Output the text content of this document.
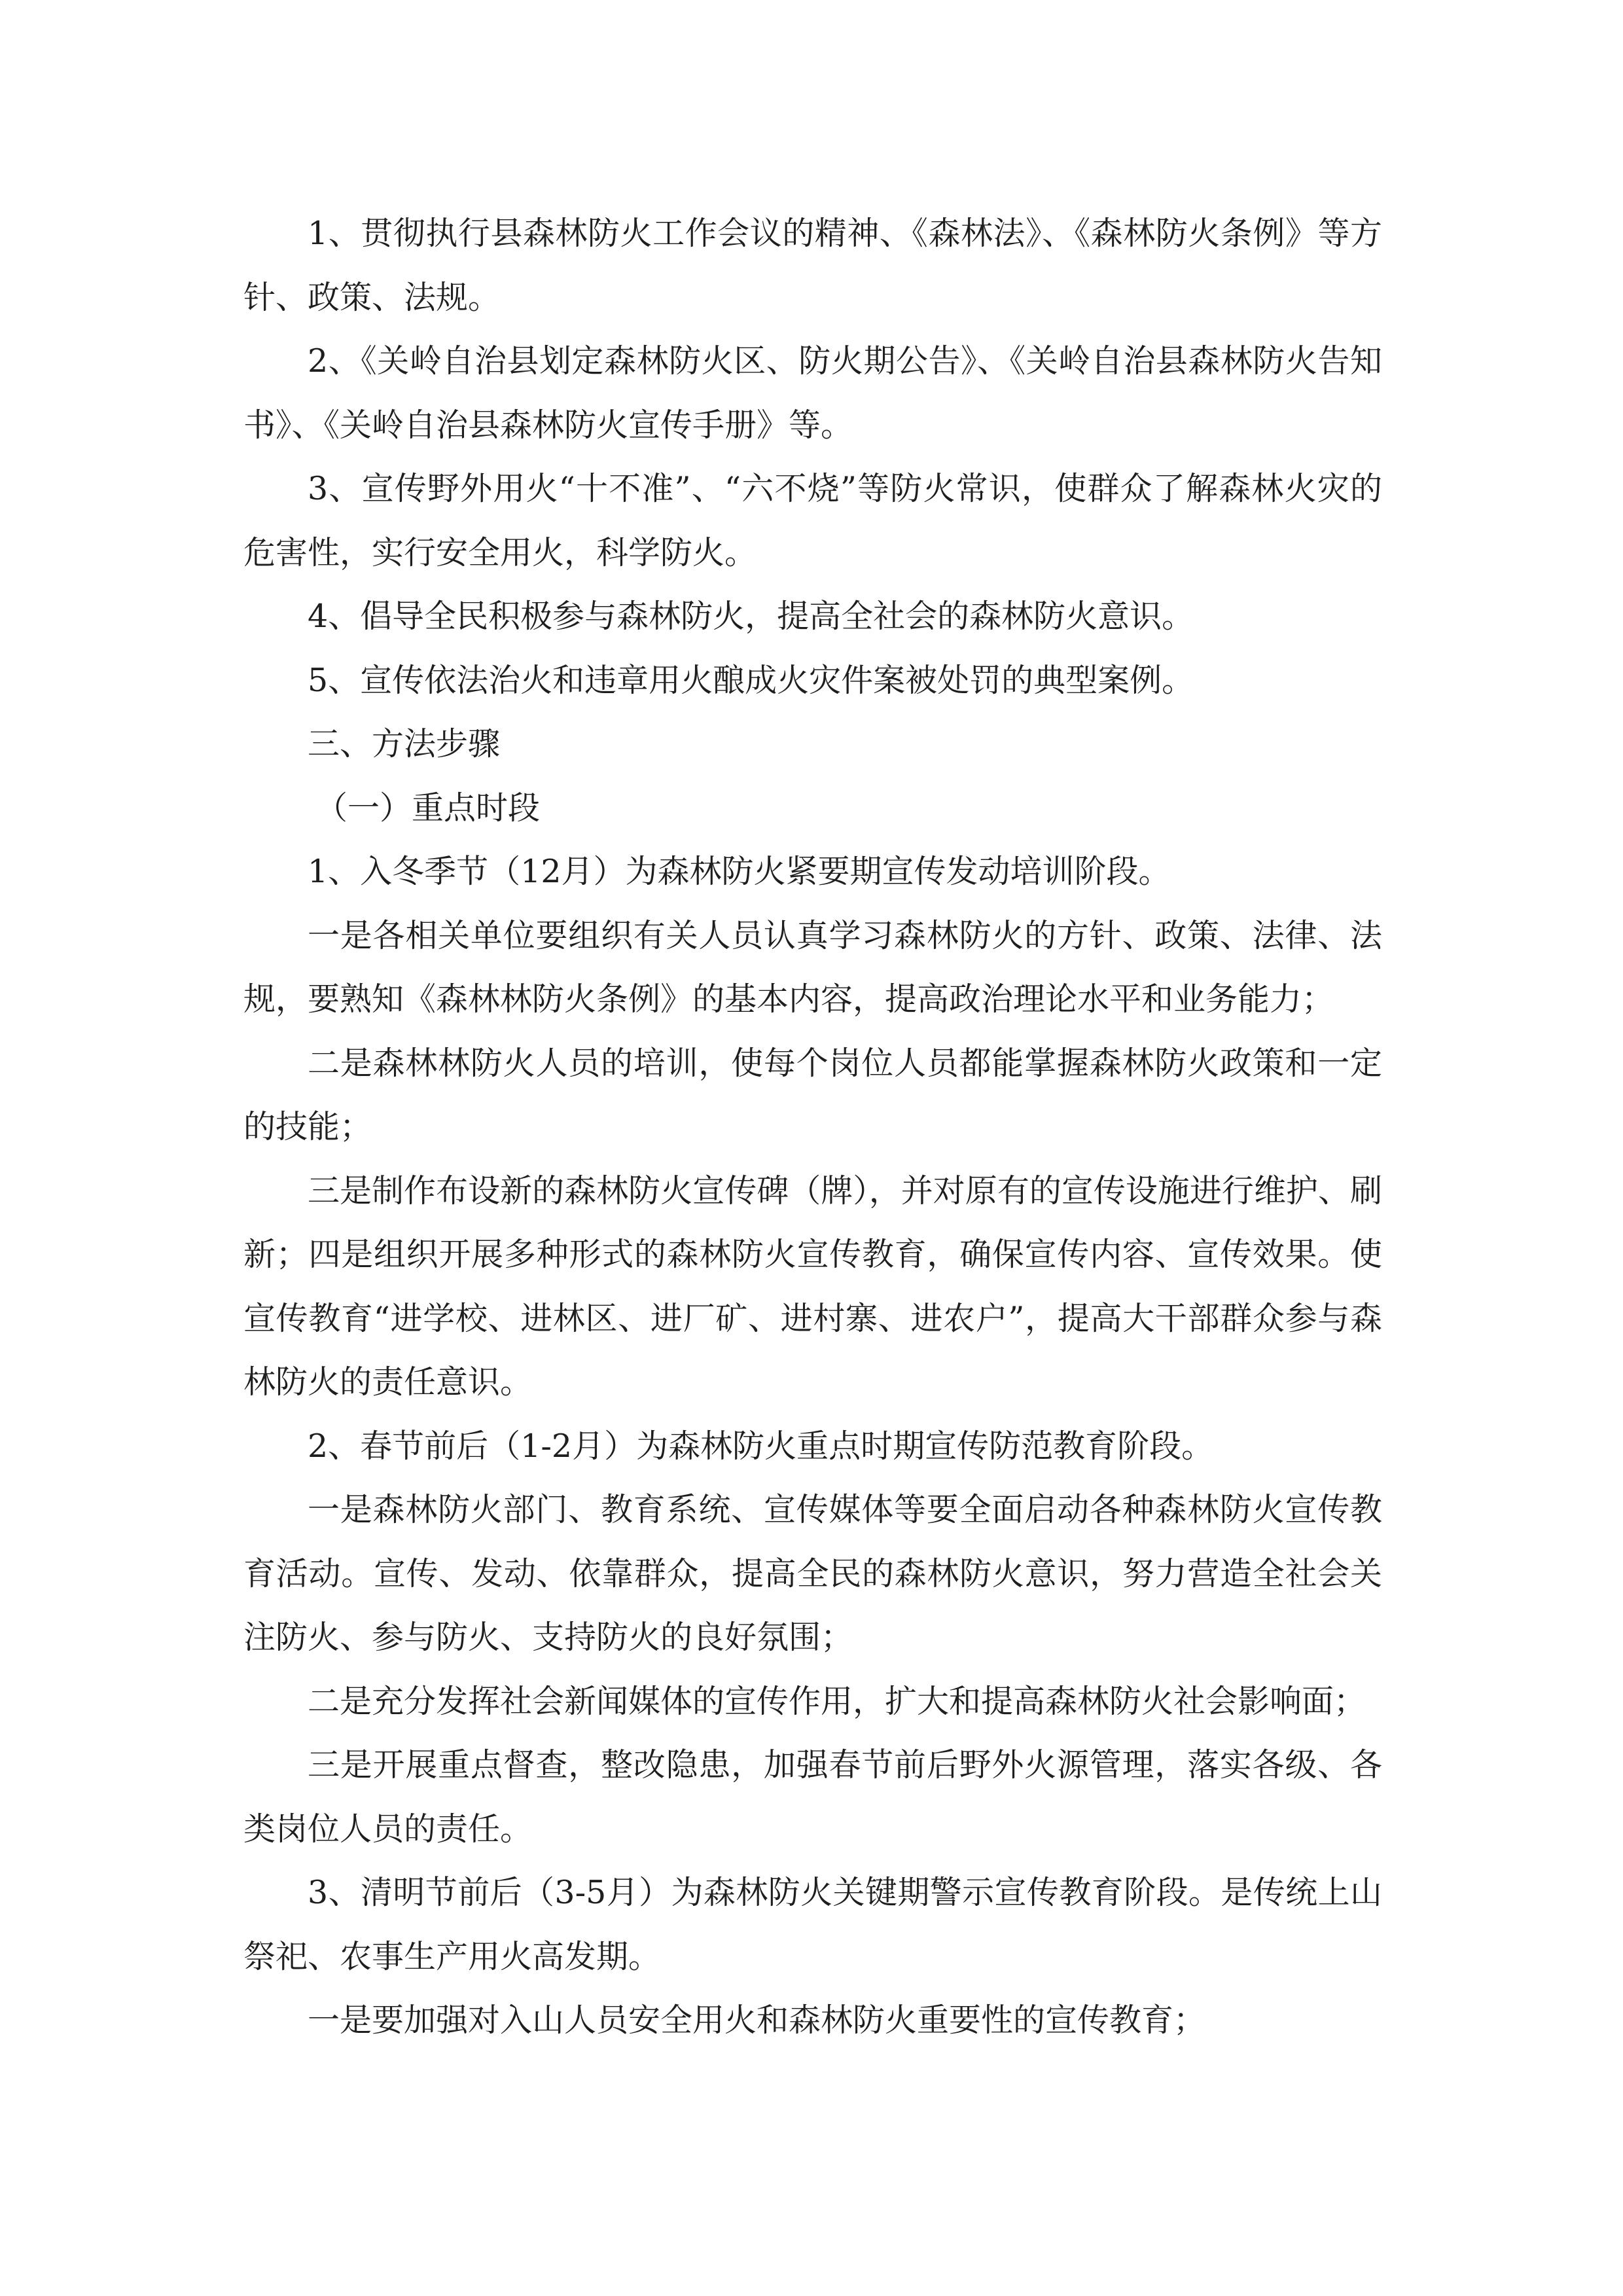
1、贯彻执行县森林防火工作会议的精神、《森林法》、《森林防火条例》等方针、政策、法规。

2、《关岭自治县划定森林防火区、防火期公告》、《关岭自治县森林防火告知书》、《关岭自治县森林防火宣传手册》等。

3、宣传野外用火“十不准”、“六不烧”等防火常识，使群众了解森林火灾的危害性，实行安全用火，科学防火。

4、倡导全民积极参与森林防火，提高全社会的森林防火意识。

5、宣传依法治火和违章用火酿成火灾件案被处罚的典型案例。

三、方法步骤

（一）重点时段

1、入冬季节（12月）为森林防火紧要期宣传发动培训阶段。

一是各相关单位要组织有关人员认真学习森林防火的方针、政策、法律、法规，要熟知《森林林防火条例》的基本内容，提高政治理论水平和业务能力；

二是森林林防火人员的培训，使每个岗位人员都能掌握森林防火政策和一定的技能；

三是制作布设新的森林防火宣传碑（牌），并对原有的宣传设施进行维护、刷新；四是组织开展多种形式的森林防火宣传教育，确保宣传内容、宣传效果。使宣传教育“进学校、进林区、进厂矿、进村寨、进农户”，提高大干部群众参与森林防火的责任意识。

2、春节前后（1-2月）为森林防火重点时期宣传防范教育阶段。

一是森林防火部门、教育系统、宣传媒体等要全面启动各种森林防火宣传教育活动。宣传、发动、依靠群众，提高全民的森林防火意识，努力营造全社会关注防火、参与防火、支持防火的良好氛围；

二是充分发挥社会新闻媒体的宣传作用，扩大和提高森林防火社会影响面；

三是开展重点督查，整改隐患，加强春节前后野外火源管理，落实各级、各类岗位人员的责任。

3、清明节前后（3-5月）为森林防火关键期警示宣传教育阶段。是传统上山祭祀、农事生产用火高发期。

一是要加强对入山人员安全用火和森林防火重要性的宣传教育；
